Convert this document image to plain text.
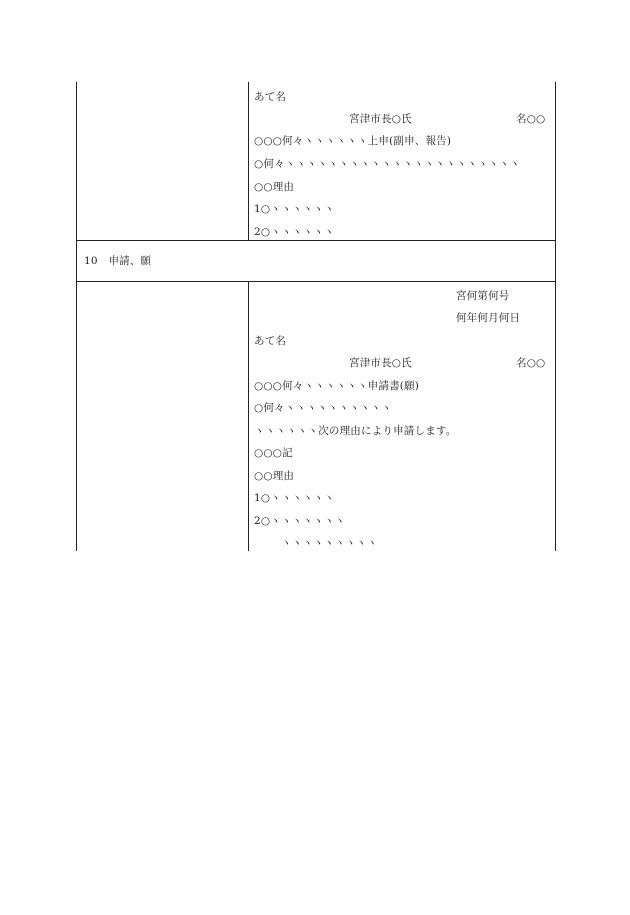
あて名
宮津市長○氏	名○○
○○○何々ヽヽヽヽヽヽ上申(副申、報告)
○何々ヽヽヽヽヽヽヽヽヽヽヽヽヽヽヽヽヽヽヽヽヽヽ
○○理由
1○ヽヽヽヽヽヽ
2○ヽヽヽヽヽヽ
10　申請、願
宮何第何号
何年何月何日
あて名
宮津市長○氏	名○○
○○○何々ヽヽヽヽヽヽ申請書(願)
○何々ヽヽヽヽヽヽヽヽヽヽ
ヽヽヽヽヽヽ次の理由により申請します。
○○○記
○○理由
1○ヽヽヽヽヽヽ
2○ヽヽヽヽヽヽヽ
ヽヽヽヽヽヽヽヽヽ
